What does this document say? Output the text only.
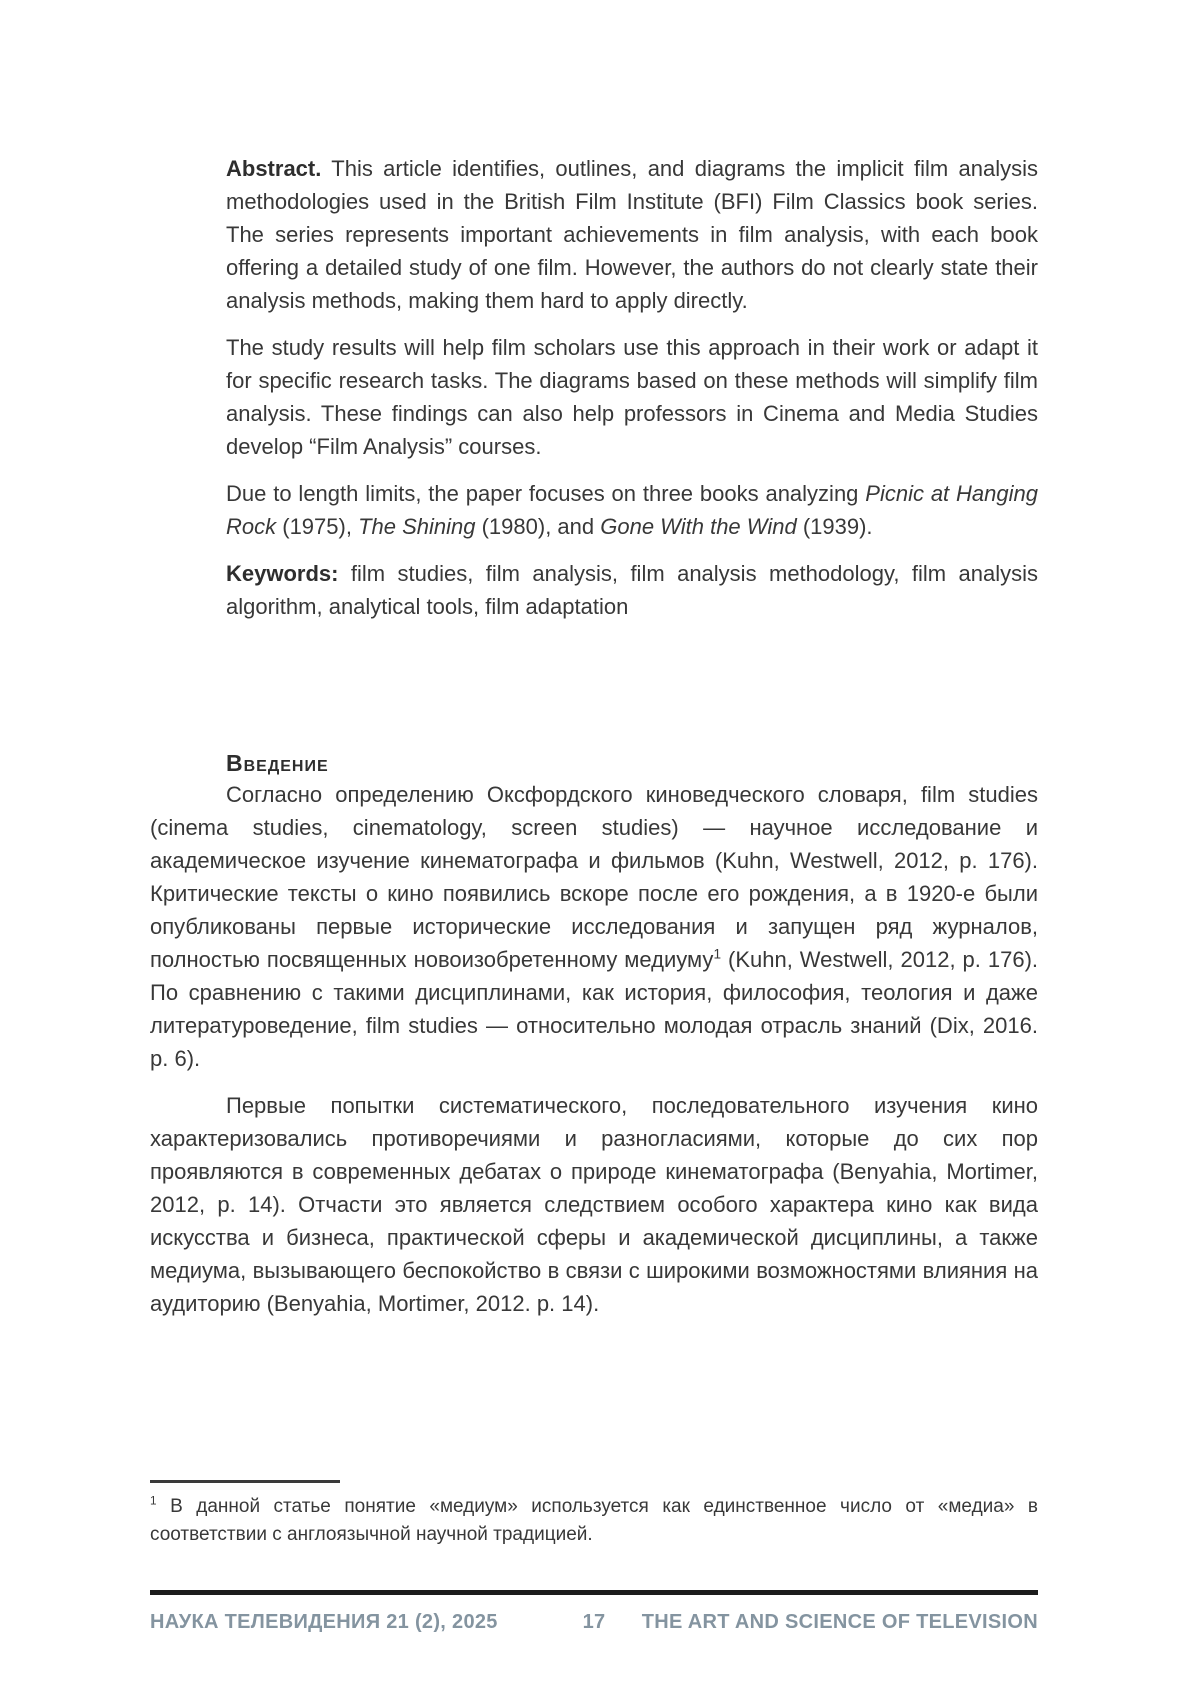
Abstract. This article identifies, outlines, and diagrams the implicit film analysis methodologies used in the British Film Institute (BFI) Film Classics book series. The series represents important achievements in film analysis, with each book offering a detailed study of one film. However, the authors do not clearly state their analysis methods, making them hard to apply directly.

The study results will help film scholars use this approach in their work or adapt it for specific research tasks. The diagrams based on these methods will simplify film analysis. These findings can also help professors in Cinema and Media Studies develop “Film Analysis” courses.

Due to length limits, the paper focuses on three books analyzing Picnic at Hanging Rock (1975), The Shining (1980), and Gone With the Wind (1939).

Keywords: film studies, film analysis, film analysis methodology, film analysis algorithm, analytical tools, film adaptation

Введение

Согласно определению Оксфордского киноведческого словаря, film studies (cinema studies, cinematology, screen studies) — научное исследование и академическое изучение кинематографа и фильмов (Kuhn, Westwell, 2012, p. 176). Критические тексты о кино появились вскоре после его рождения, а в 1920-е были опубликованы первые исторические исследования и запущен ряд журналов, полностью посвященных новоизобретенному медиуму$^1$ (Kuhn, Westwell, 2012, p. 176). По сравнению с такими дисциплинами, как история, философия, теология и даже литературоведение, film studies — относительно молодая отрасль знаний (Dix, 2016. p. 6).

Первые попытки систематического, последовательного изучения кино характеризовались противоречиями и разногласиями, которые до сих пор проявляются в современных дебатах о природе кинематографа (Benyahia, Mortimer, 2012, p. 14). Отчасти это является следствием особого характера кино как вида искусства и бизнеса, практической сферы и академической дисциплины, а также медиума, вызывающего беспокойство в связи с широкими возможностями влияния на аудиторию (Benyahia, Mortimer, 2012. p. 14).

$^1$ В данной статье понятие «медиум» используется как единственное число от «медиа» в соответствии с англоязычной научной традицией.

НАУКА ТЕЛЕВИДЕНИЯ 21 (2), 2025	17 THE ART AND SCIENCE OF TELEVISION
